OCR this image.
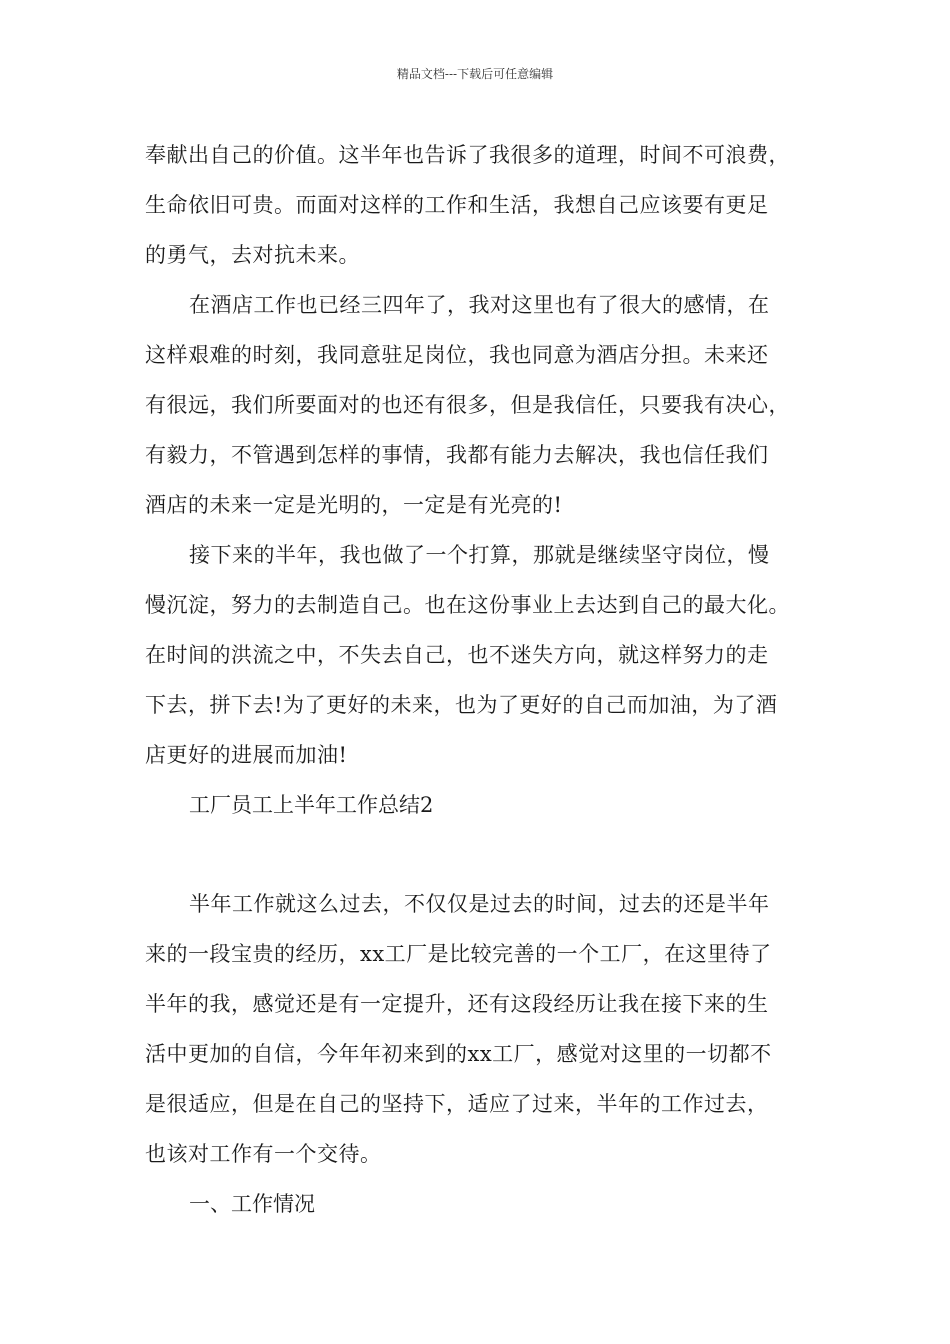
精品文档---下载后可任意编辑
奉献出自己的价值。这半年也告诉了我很多的道理，时间不可浪费，
生命依旧可贵。而面对这样的工作和生活，我想自己应该要有更足
的勇气，去对抗未来。
在酒店工作也已经三四年了，我对这里也有了很大的感情，在
这样艰难的时刻，我同意驻足岗位，我也同意为酒店分担。未来还
有很远，我们所要面对的也还有很多，但是我信任，只要我有决心，
有毅力，不管遇到怎样的事情，我都有能力去解决，我也信任我们
酒店的未来一定是光明的，一定是有光亮的!
接下来的半年，我也做了一个打算，那就是继续坚守岗位，慢
慢沉淀，努力的去制造自己。也在这份事业上去达到自己的最大化。
在时间的洪流之中，不失去自己，也不迷失方向，就这样努力的走
下去，拼下去!为了更好的未来，也为了更好的自己而加油，为了酒
店更好的进展而加油!
工厂员工上半年工作总结2
半年工作就这么过去，不仅仅是过去的时间，过去的还是半年
来的一段宝贵的经历，xx工厂是比较完善的一个工厂，在这里待了
半年的我，感觉还是有一定提升，还有这段经历让我在接下来的生
活中更加的自信，今年年初来到的xx工厂，感觉对这里的一切都不
是很适应，但是在自己的坚持下，适应了过来，半年的工作过去，
也该对工作有一个交待。
一、工作情况
